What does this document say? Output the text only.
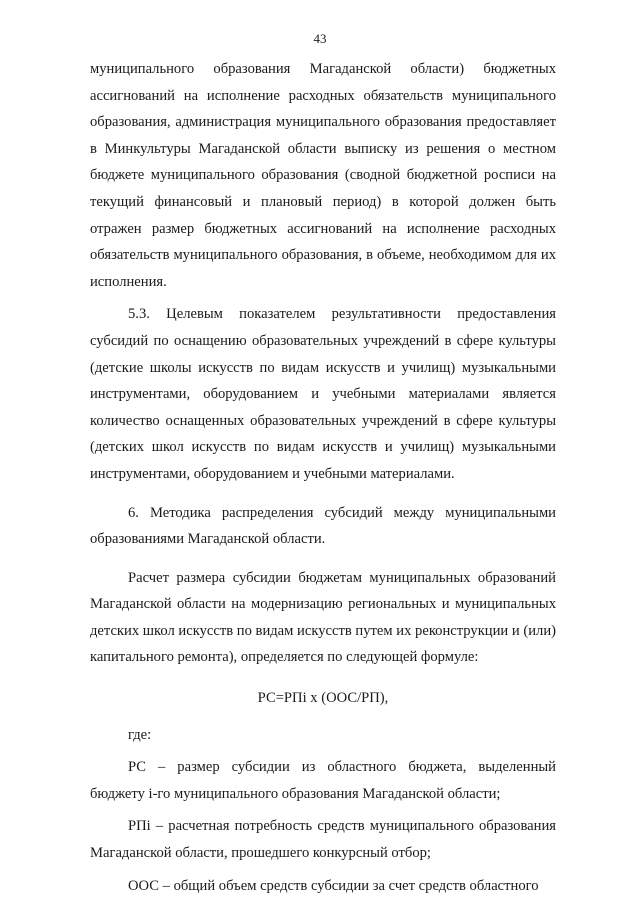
43

муниципального образования Магаданской области) бюджетных ассигнований на исполнение расходных обязательств муниципального образования, администрация муниципального образования предоставляет в Минкультуры Магаданской области выписку из решения о местном бюджете муниципального образования (сводной бюджетной росписи на текущий финансовый и плановый период) в которой должен быть отражен размер бюджетных ассигнований на исполнение расходных обязательств муниципального образования, в объеме, необходимом для их исполнения.

5.3. Целевым показателем результативности предоставления субсидий по оснащению образовательных учреждений в сфере культуры (детские школы искусств по видам искусств и училищ) музыкальными инструментами, оборудованием и учебными материалами является количество оснащенных образовательных учреждений в сфере культуры (детских школ искусств по видам искусств и училищ) музыкальными инструментами, оборудованием и учебными материалами.

6. Методика распределения субсидий между муниципальными образованиями Магаданской области.

Расчет размера субсидии бюджетам муниципальных образований Магаданской области на модернизацию региональных и муниципальных детских школ искусств по видам искусств путем их реконструкции и (или) капитального ремонта), определяется по следующей формуле:

РС=РПi х (ООС/РП),

где:

РС – размер субсидии из областного бюджета, выделенный бюджету i-го муниципального образования Магаданской области;

РПi – расчетная потребность средств муниципального образования Магаданской области, прошедшего конкурсный отбор;

ООС – общий объем средств субсидии за счет средств областного
